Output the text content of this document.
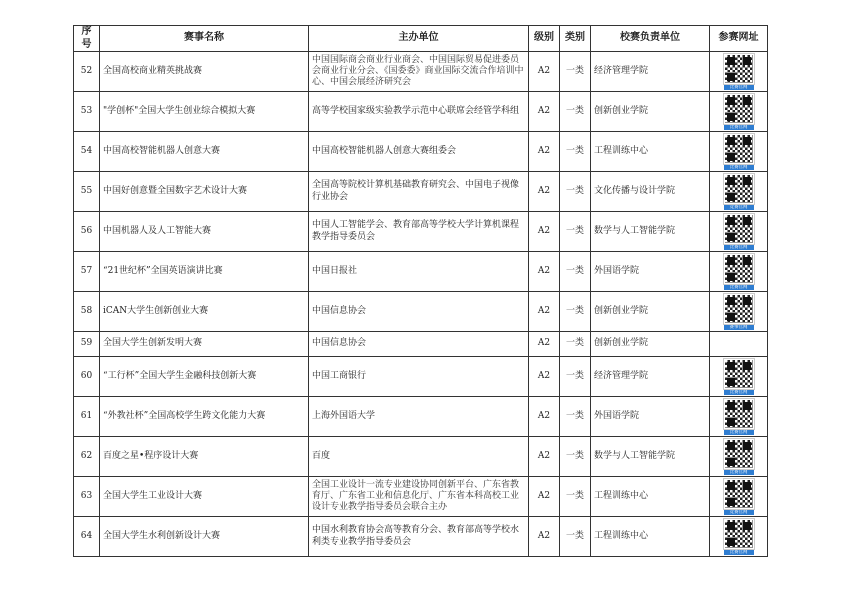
序号	赛事名称	主办单位	级别	类别	校赛负责单位	参赛网址
52	全国高校商业精英挑战赛	中国国际商会商业行业商会、中国国际贸易促进委员会商业行业分会、《国委委》商业国际交流合作培训中心、中国会展经济研究会	A2	一类	经济管理学院	比赛官网

53	"学创杯"全国大学生创业综合模拟大赛	高等学校国家级实验教学示范中心联席会经管学科组	A2	一类	创新创业学院	比赛官网

54	中国高校智能机器人创意大赛	中国高校智能机器人创意大赛组委会	A2	一类	工程训练中心	比赛官网

55	中国好创意暨全国数字艺术设计大赛	全国高等院校计算机基础教育研究会、中国电子视像行业协会	A2	一类	文化传播与设计学院	竞赛官网

56	中国机器人及人工智能大赛	中国人工智能学会、教育部高等学校大学计算机课程教学指导委员会	A2	一类	数学与人工智能学院	比赛官网

57	“21世纪杯”全国英语演讲比赛	中国日报社	A2	一类	外国语学院	比赛官网

58	iCAN大学生创新创业大赛	中国信息协会	A2	一类	创新创业学院	赛事官网

59	全国大学生创新发明大赛	中国信息协会	A2	一类	创新创业学院	
60	“工行杯”全国大学生金融科技创新大赛	中国工商银行	A2	一类	经济管理学院	比赛官网

61	“外教社杯”全国高校学生跨文化能力大赛	上海外国语大学	A2	一类	外国语学院	比赛官网

62	百度之星•程序设计大赛	百度	A2	一类	数学与人工智能学院	比赛官网

63	全国大学生工业设计大赛	全国工业设计一流专业建设协同创新平台、广东省教育厅、广东省工业和信息化厅、广东省本科高校工业设计专业教学指导委员会联合主办	A2	一类	工程训练中心	竞赛官网

64	全国大学生水利创新设计大赛	中国水利教育协会高等教育分会、教育部高等学校水利类专业教学指导委员会	A2	一类	工程训练中心	比赛官网
